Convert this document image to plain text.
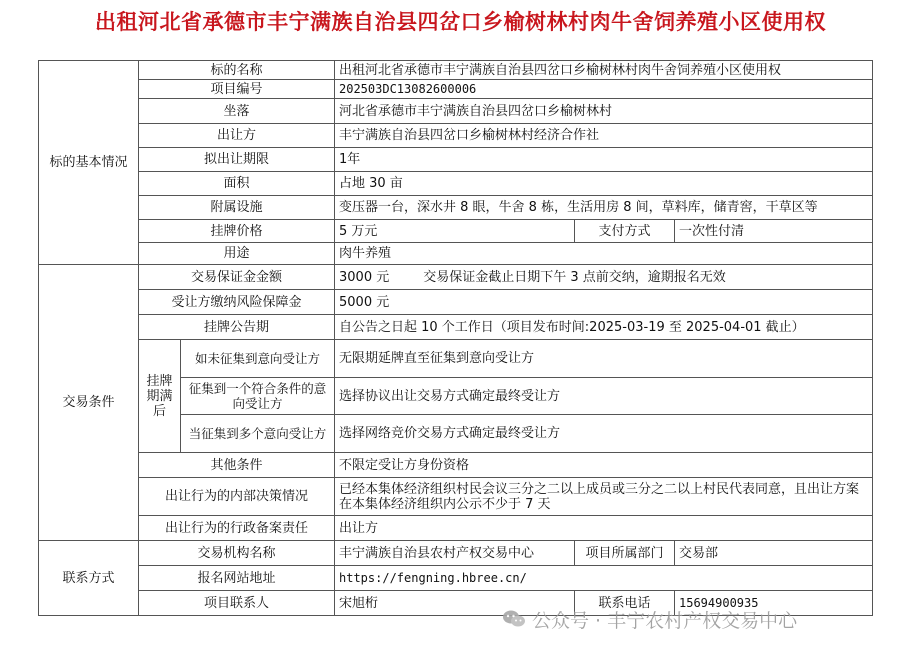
出租河北省承德市丰宁满族自治县四岔口乡榆树林村肉牛舍饲养殖小区使用权
标的基本情况	标的名称		出租河北省承德市丰宁满族自治县四岔口乡榆树林村肉牛舍饲养殖小区使用权		
	项目编号		202503DC13082600006		
	坐落		河北省承德市丰宁满族自治县四岔口乡榆树林村		
	出让方		丰宁满族自治县四岔口乡榆树林村经济合作社		
	拟出让期限		1年		
	面积		占地 30 亩		
	附属设施		变压器一台，深水井 8 眼，牛舍 8 栋，生活用房 8 间，草料库，储青窖，干草区等		
	挂牌价格		5 万元	支付方式	一次性付清
	用途		肉牛养殖		
交易条件	交易保证金金额		3000 元 交易保证金截止日期下午 3 点前交纳，逾期报名无效		
	受让方缴纳风险保障金		5000 元		
	挂牌公告期		自公告之日起 10 个工作日（项目发布时间:2025-03-19 至 2025-04-01 截止）		
	挂牌期满后	如未征集到意向受让方	无限期延牌直至征集到意向受让方		
		征集到一个符合条件的意向受让方	选择协议出让交易方式确定最终受让方		
		当征集到多个意向受让方	选择网络竞价交易方式确定最终受让方		
	其他条件		不限定受让方身份资格		
	出让行为的内部决策情况		已经本集体经济组织村民会议三分之二以上成员或三分之二以上村民代表同意，且出让方案在本集体经济组织内公示不少于 7 天		
	出让行为的行政备案责任		出让方		
联系方式	交易机构名称		丰宁满族自治县农村产权交易中心	项目所属部门	交易部
	报名网站地址		https://fengning.hbree.cn/		
	项目联系人		宋旭桁	联系电话	15694900935
公众号 · 丰宁农村产权交易中心
